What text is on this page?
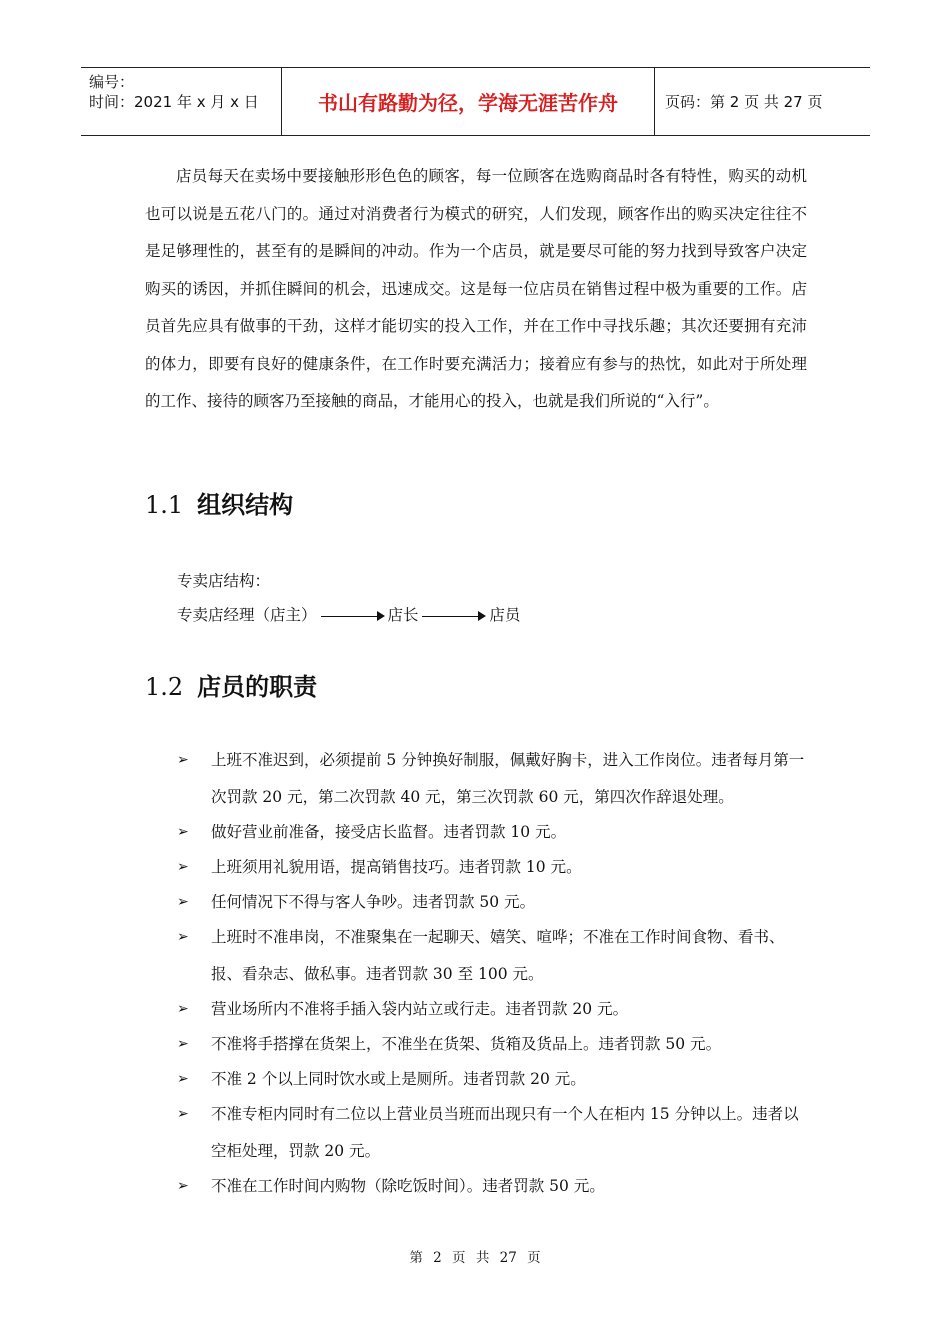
编号：
时间：2021 年 x 月 x 日	书山有路勤为径，学海无涯苦作舟	页码：第 2 页 共 27 页

店员每天在卖场中要接触形形色色的顾客，每一位顾客在选购商品时各有特性，购买的动机也可以说是五花八门的。通过对消费者行为模式的研究，人们发现，顾客作出的购买决定往往不是足够理性的，甚至有的是瞬间的冲动。作为一个店员，就是要尽可能的努力找到导致客户决定购买的诱因，并抓住瞬间的机会，迅速成交。这是每一位店员在销售过程中极为重要的工作。店员首先应具有做事的干劲，这样才能切实的投入工作，并在工作中寻找乐趣；其次还要拥有充沛的体力，即要有良好的健康条件，在工作时要充满活力；接着应有参与的热忱，如此对于所处理的工作、接待的顾客乃至接触的商品，才能用心的投入，也就是我们所说的“入行”。

1.1 组织结构
专卖店结构：
专卖店经理（店主）	店长	店员
1.2 店员的职责
➢ 上班不准迟到，必须提前 5 分钟换好制服，佩戴好胸卡，进入工作岗位。违者每月第一次罚款 20 元，第二次罚款 40 元，第三次罚款 60 元，第四次作辞退处理。
➢ 做好营业前准备，接受店长监督。违者罚款 10 元。
➢ 上班须用礼貌用语，提高销售技巧。违者罚款 10 元。
➢ 任何情况下不得与客人争吵。违者罚款 50 元。
➢ 上班时不准串岗，不准聚集在一起聊天、嬉笑、喧哗；不准在工作时间食物、看书、报、看杂志、做私事。违者罚款 30 至 100 元。
➢ 营业场所内不准将手插入袋内站立或行走。违者罚款 20 元。
➢ 不准将手搭撑在货架上，不准坐在货架、货箱及货品上。违者罚款 50 元。
➢ 不准 2 个以上同时饮水或上是厕所。违者罚款 20 元。
➢ 不准专柜内同时有二位以上营业员当班而出现只有一个人在柜内 15 分钟以上。违者以空柜处理，罚款 20 元。
➢ 不准在工作时间内购物（除吃饭时间）。违者罚款 50 元。
第 2 页 共 27 页
